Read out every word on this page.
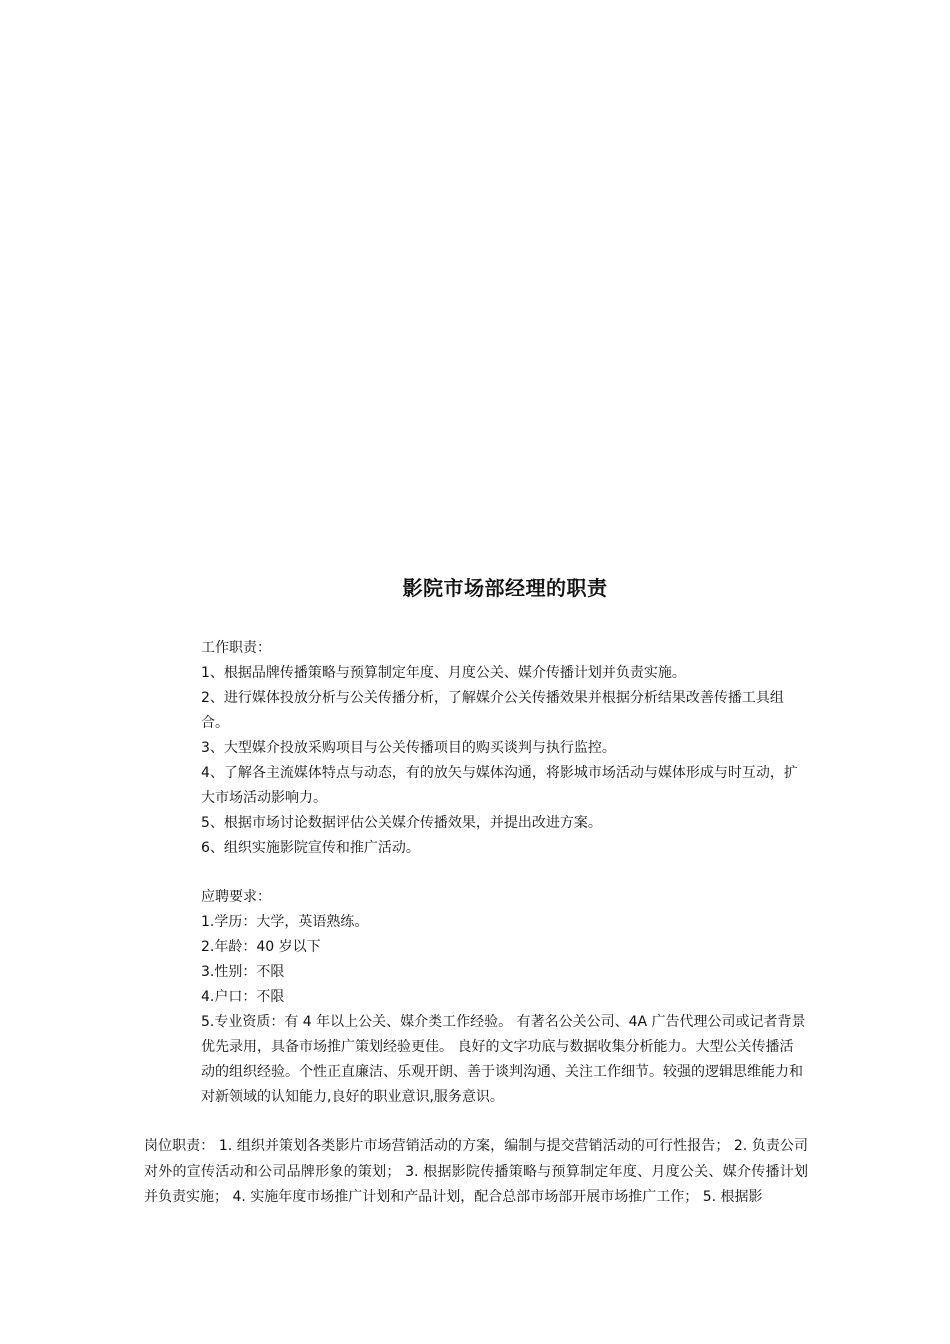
影院市场部经理的职责

工作职责：

1、根据品牌传播策略与预算制定年度、月度公关、媒介传播计划并负责实施。

2、进行媒体投放分析与公关传播分析，了解媒介公关传播效果并根据分析结果改善传播工具组合。

3、大型媒介投放采购项目与公关传播项目的购买谈判与执行监控。

4、了解各主流媒体特点与动态，有的放矢与媒体沟通，将影城市场活动与媒体形成与时互动，扩大市场活动影响力。

5、根据市场讨论数据评估公关媒介传播效果，并提出改进方案。

6、组织实施影院宣传和推广活动。

应聘要求：

1.学历：大学，英语熟练。

2.年龄：40 岁以下

3.性别：不限

4.户口：不限

5.专业资质：有 4 年以上公关、媒介类工作经验。 有著名公关公司、4A 广告代理公司或记者背景优先录用，具备市场推广策划经验更佳。 良好的文字功底与数据收集分析能力。大型公关传播活动的组织经验。个性正直廉洁、乐观开朗、善于谈判沟通、关注工作细节。较强的逻辑思维能力和对新领域的认知能力,良好的职业意识,服务意识。

岗位职责： 1. 组织并策划各类影片市场营销活动的方案，编制与提交营销活动的可行性报告； 2. 负责公司对外的宣传活动和公司品牌形象的策划； 3. 根据影院传播策略与预算制定年度、月度公关、媒介传播计划并负责实施； 4. 实施年度市场推广计划和产品计划，配合总部市场部开展市场推广工作； 5. 根据影
